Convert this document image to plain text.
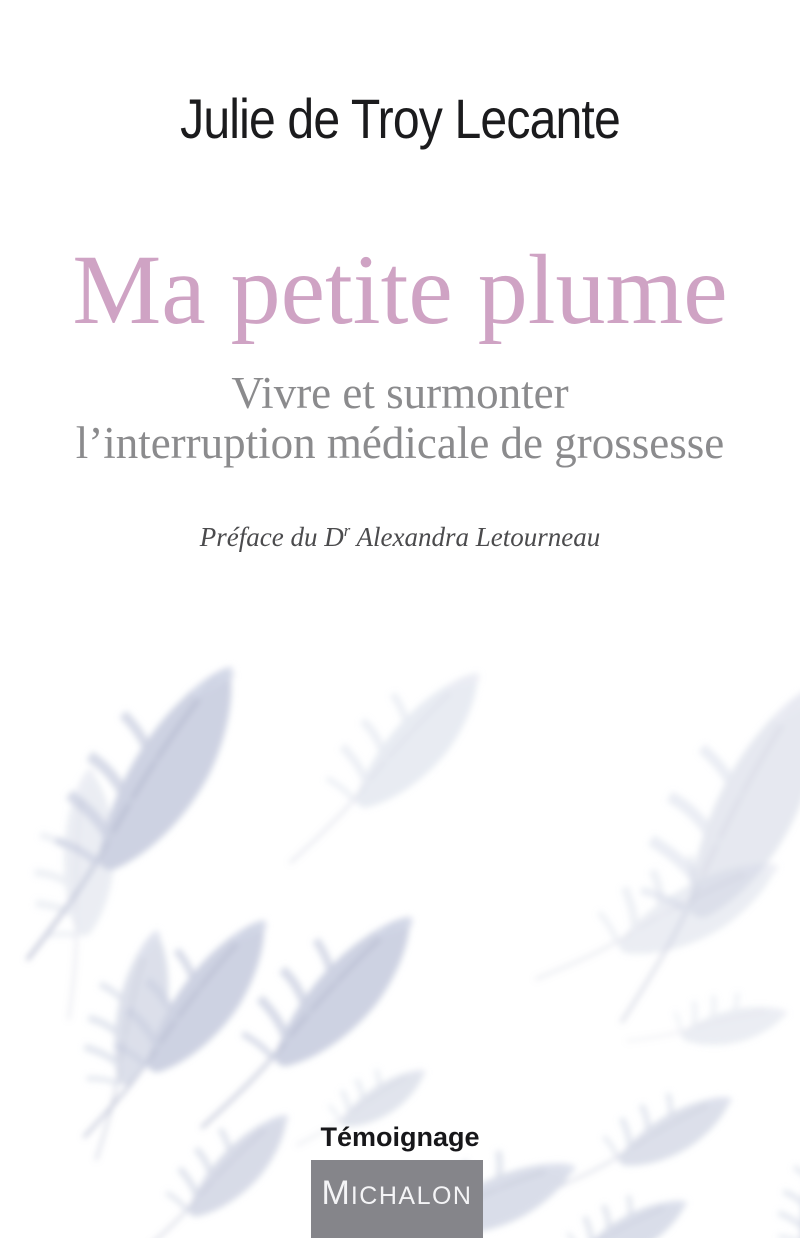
Julie de Troy Lecante
Ma petite plume
Vivre et surmonter
l’interruption médicale de grossesse
Préface du $D^r$ Alexandra Letourneau
Témoignage
MICHALON
